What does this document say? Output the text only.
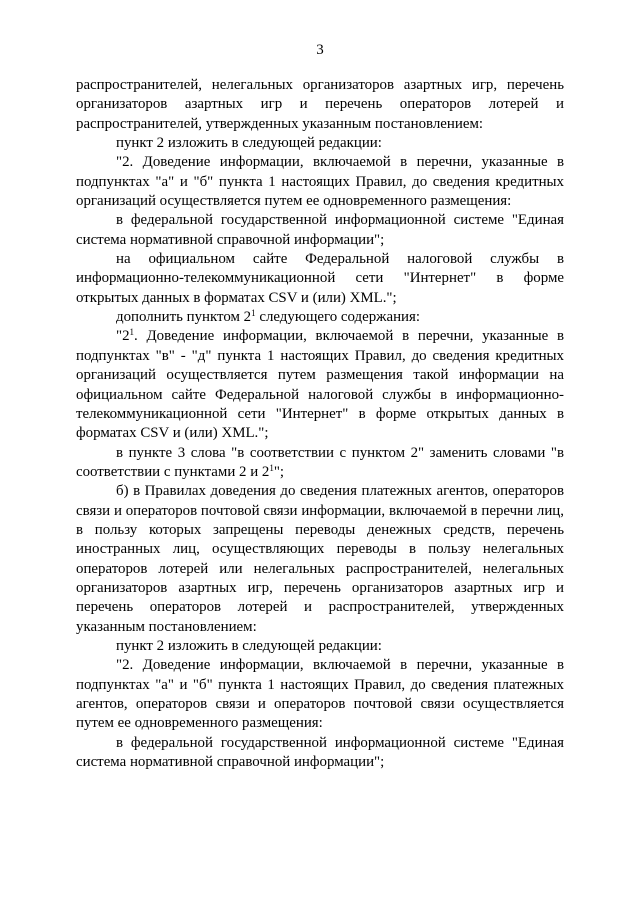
3

распространителей, нелегальных организаторов азартных игр, перечень организаторов азартных игр и перечень операторов лотерей и распространителей, утвержденных указанным постановлением:

пункт 2 изложить в следующей редакции:

"2. Доведение информации, включаемой в перечни, указанные в подпунктах "а" и "б" пункта 1 настоящих Правил, до сведения кредитных организаций осуществляется путем ее одновременного размещения:

в федеральной государственной информационной системе "Единая система нормативной справочной информации";

на официальном сайте Федеральной налоговой службы в информационно-телекоммуникационной сети "Интернет" в форме открытых данных в форматах CSV и (или) XML.";

дополнить пунктом $2^1$ следующего содержания:

"$2^1$. Доведение информации, включаемой в перечни, указанные в подпунктах "в" - "д" пункта 1 настоящих Правил, до сведения кредитных организаций осуществляется путем размещения такой информации на официальном сайте Федеральной налоговой службы в информационно-телекоммуникационной сети "Интернет" в форме открытых данных в форматах CSV и (или) XML.";

в пункте 3 слова "в соответствии с пунктом 2" заменить словами "в соответствии с пунктами 2 и $2^1$";

б) в Правилах доведения до сведения платежных агентов, операторов связи и операторов почтовой связи информации, включаемой в перечни лиц, в пользу которых запрещены переводы денежных средств, перечень иностранных лиц, осуществляющих переводы в пользу нелегальных операторов лотерей или нелегальных распространителей, нелегальных организаторов азартных игр, перечень организаторов азартных игр и перечень операторов лотерей и распространителей, утвержденных указанным постановлением:

пункт 2 изложить в следующей редакции:

"2. Доведение информации, включаемой в перечни, указанные в подпунктах "а" и "б" пункта 1 настоящих Правил, до сведения платежных агентов, операторов связи и операторов почтовой связи осуществляется путем ее одновременного размещения:

в федеральной государственной информационной системе "Единая система нормативной справочной информации";
